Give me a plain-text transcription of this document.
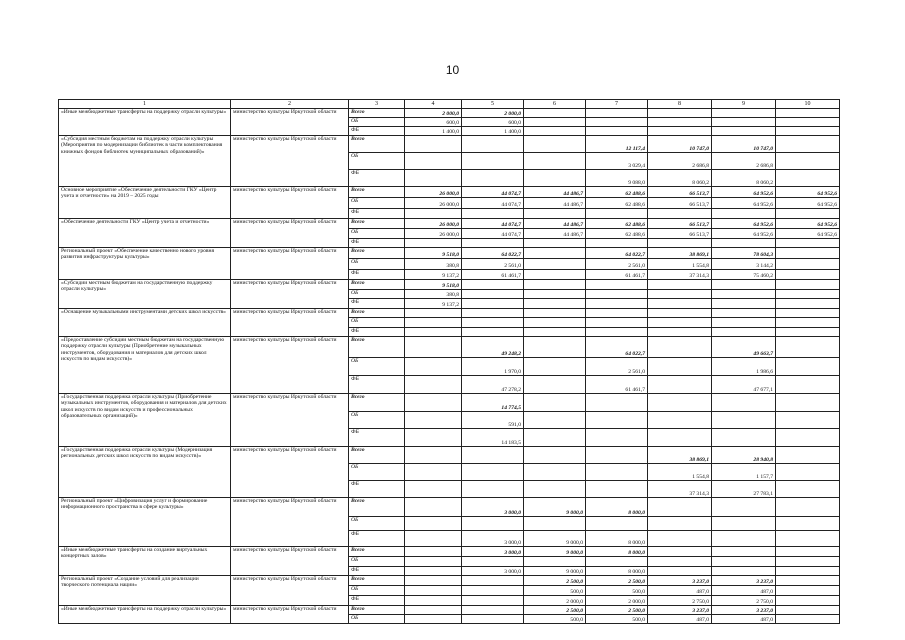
10
1	2	3	4	5	6	7	8	9	10
«Иные межбюджетные трансферты на поддержку отрасли культуры»	министерство культуры Иркутской области	Всего	2 000,0	2 000,0					
		ОБ	600,0	600,0					
		ФБ	1 400,0	1 400,0					
«Субсидия местным бюджетам на поддержку отрасли культуры (Мероприятия по модернизации библиотек в части комплектования книжных фондов библиотек муниципальных образований)»	министерство культуры Иркутской области	Всего				12 117,4	10 747,0	10 747,0	
		ОБ				3 029,4	2 686,8	2 686,8	
		ФБ				9 088,0	8 060,2	8 060,2	
Основное мероприятие «Обеспечение деятельности ГКУ «Центр учета и отчетности» на 2019 – 2025 годы	министерство культуры Иркутской области	Всего	26 000,0	44 074,7	44 486,7	62 488,6	66 513,7	64 952,6	64 952,6
		ОБ	26 000,0	44 074,7	44 486,7	62 488,6	66 513,7	64 952,6	64 952,6
		ФБ							
«Обеспечение деятельности ГКУ «Центр учета и отчетности»	министерство культуры Иркутской области	Всего	26 000,0	44 074,7	44 486,7	62 488,6	66 513,7	64 952,6	64 952,6
		ОБ	26 000,0	44 074,7	44 486,7	62 488,6	66 513,7	64 952,6	64 952,6
		ФБ							
Региональный проект «Обеспечение качественно нового уровня развития инфраструктуры культуры»	министерство культуры Иркутской области	Всего	9 518,0	64 022,7		64 022,7	38 869,1	78 604,3	
		ОБ	380,8	2 561,0		2 561,0	1 554,8	3 144,2	
		ФБ	9 137,2	61 461,7		61 461,7	37 314,3	75 460,2	
«Субсидии местным бюджетам на государственную поддержку отрасли культуры»	министерство культуры Иркутской области	Всего	9 518,0						
		ОБ	380,8						
		ФБ	9 137,2						
«Оснащение музыкальными инструментами детских школ искусств»	министерство культуры Иркутской области	Всего							
		ОБ							
		ФБ							
«Предоставление субсидии местным бюджетам на государственную поддержку отрасли культуры (Приобретение музыкальных инструментов, оборудования и материалов для детских школ искусств по видам искусств)»	министерство культуры Иркутской области	Всего		49 248,2		64 022,7		49 663,7	
		ОБ		1 970,0		2 561,0		1 986,6	
		ФБ		47 278,2		61 461,7		47 677,1	
«Государственная поддержка отрасли культуры (Приобретение музыкальных инструментов, оборудования и материалов для детских школ искусств по видам искусств и профессиональных образовательных организаций)»	министерство культуры Иркутской области	Всего		14 774,5					
		ОБ		591,0					
		ФБ		14 183,5					
«Государственная поддержка отрасли культуры (Модернизация региональных детских школ искусств по видам искусств)»	министерство культуры Иркутской области	Всего					38 869,1	28 940,8	
		ОБ					1 554,8	1 157,7	
		ФБ					37 314,3	27 783,1	
Региональный проект «Цифровизация услуг и формирование информационного пространства в сфере культуры»	министерство культуры Иркутской области	Всего		3 000,0	9 000,0	8 000,0			
		ОБ							
		ФБ		3 000,0	9 000,0	8 000,0			
«Иные межбюджетные трансферты на создание виртуальных концертных залов»	министерство культуры Иркутской области	Всего		3 000,0	9 000,0	8 000,0			
		ОБ							
		ФБ		3 000,0	9 000,0	8 000,0			
Региональный проект «Создание условий для реализации творческого потенциала нации»	министерство культуры Иркутской области	Всего			2 500,0	2 500,0	3 237,0	3 237,0	
		ОБ			500,0	500,0	487,0	487,0	
		ФБ			2 000,0	2 000,0	2 750,0	2 750,0	
«Иные межбюджетные трансферты на поддержку отрасли культуры»	министерство культуры Иркутской области	Всего			2 500,0	2 500,0	3 237,0	3 237,0	
		ОБ			500,0	500,0	487,0	487,0	
